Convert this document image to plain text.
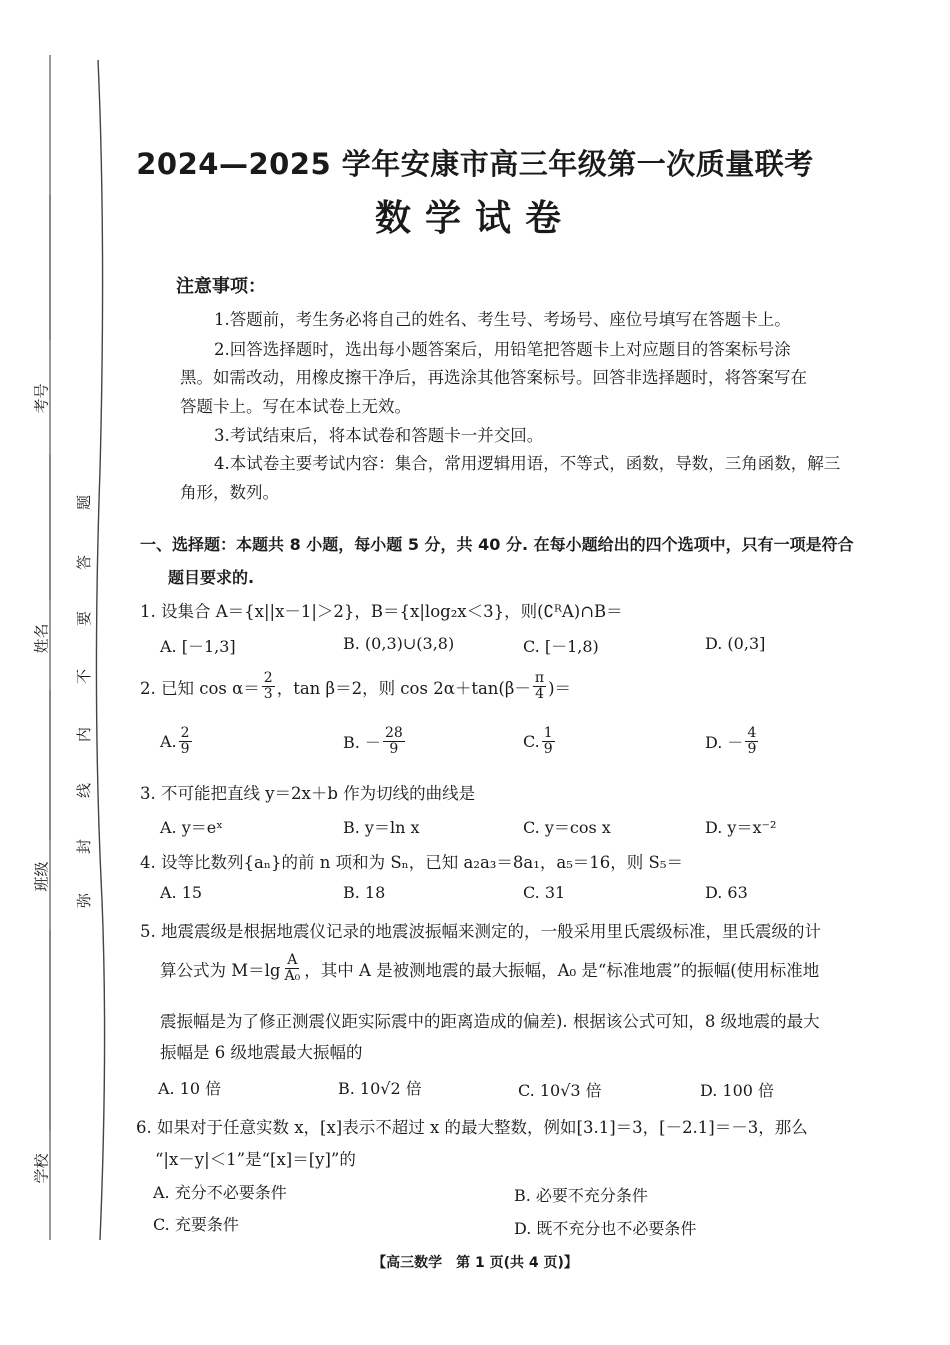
考号
姓名
班级
学校
弥
封
线
内
不
要
答
题
2024—2025 学年安康市高三年级第一次质量联考
数学试卷
注意事项：
1.答题前，考生务必将自己的姓名、考生号、考场号、座位号填写在答题卡上。
2.回答选择题时，选出每小题答案后，用铅笔把答题卡上对应题目的答案标号涂
黑。如需改动，用橡皮擦干净后，再选涂其他答案标号。回答非选择题时，将答案写在
答题卡上。写在本试卷上无效。
3.考试结束后，将本试卷和答题卡一并交回。
4.本试卷主要考试内容：集合，常用逻辑用语，不等式，函数，导数，三角函数，解三
角形，数列。
一、选择题：本题共 8 小题，每小题 5 分，共 40 分. 在每小题给出的四个选项中，只有一项是符合
题目要求的.
1. 设集合 A＝{x||x－1|＞2}，B＝{x|log₂x＜3}，则(∁ᴿA)∩B＝
A. [－1,3]	B. (0,3)∪(3,8)	C. [－1,8)	D. (0,3]
2. 已知 $\cos \alpha= \frac{2}{3}$ ，tan β＝2，则 $\cos 2\alpha+\tan(\beta- \frac{\pi}{4}$ )＝
A. $\frac{2}{9}$	B. － $\frac{28}{9}$	C. $\frac{1}{9}$	D. － $\frac{4}{9}$
3. 不可能把直线 y＝2x＋b 作为切线的曲线是
A. y＝eˣ	B. y＝ln x	C. y＝cos x	D. y＝x⁻²
4. 设等比数列{aₙ}的前 n 项和为 Sₙ，已知 a₂a₃＝8a₁，a₅＝16，则 S₅＝
A. 15	B. 18	C. 31	D. 63
5. 地震震级是根据地震仪记录的地震波振幅来测定的，一般采用里氏震级标准，里氏震级的计
算公式为 $M=\lg \frac{A}{\text{A₀}}$ ，其中 A 是被测地震的最大振幅，A₀ 是“标准地震”的振幅(使用标准地
震振幅是为了修正测震仪距实际震中的距离造成的偏差). 根据该公式可知，8 级地震的最大
振幅是 6 级地震最大振幅的
A. 10 倍	B. 10√2 倍	C. 10√3 倍	D. 100 倍
6. 如果对于任意实数 x，[x]表示不超过 x 的最大整数，例如[3.1]＝3，[－2.1]＝－3，那么
“|x－y|＜1”是“[x]＝[y]”的
A. 充分不必要条件	B. 必要不充分条件
C. 充要条件	D. 既不充分也不必要条件
【高三数学　第 1 页(共 4 页)】
